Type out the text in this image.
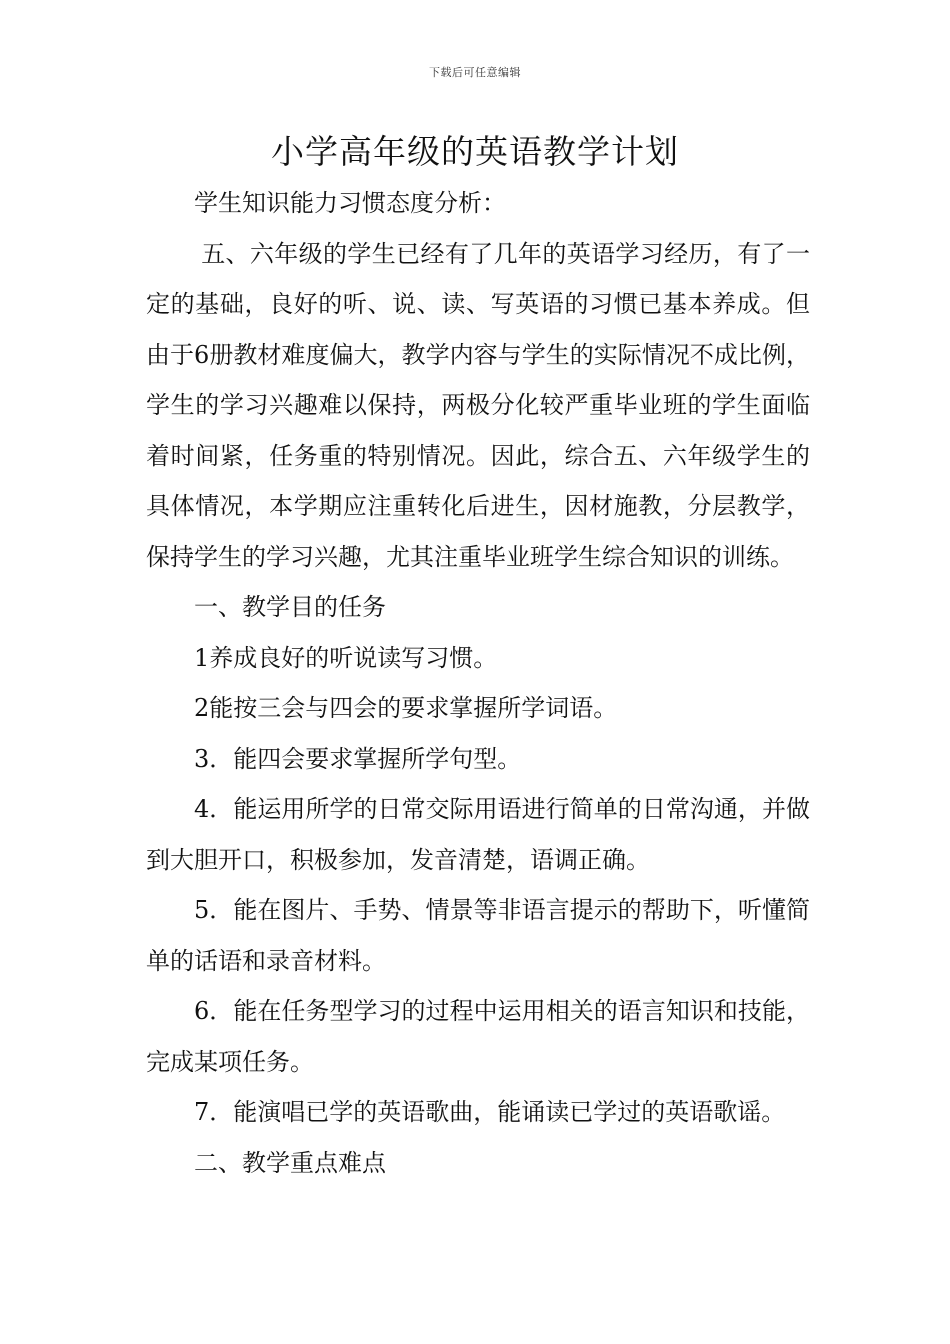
下载后可任意编辑
小学高年级的英语教学计划

学生知识能力习惯态度分析：

五、六年级的学生已经有了几年的英语学习经历，有了一定的基础，良好的听、说、读、写英语的习惯已基本养成。但由于6册教材难度偏大，教学内容与学生的实际情况不成比例，学生的学习兴趣难以保持，两极分化较严重毕业班的学生面临着时间紧，任务重的特别情况。因此，综合五、六年级学生的具体情况，本学期应注重转化后进生，因材施教，分层教学，保持学生的学习兴趣，尤其注重毕业班学生综合知识的训练。

一、教学目的任务

1养成良好的听说读写习惯。

2能按三会与四会的要求掌握所学词语。

3．能四会要求掌握所学句型。

4．能运用所学的日常交际用语进行简单的日常沟通，并做到大胆开口，积极参加，发音清楚，语调正确。

5．能在图片、手势、情景等非语言提示的帮助下，听懂简单的话语和录音材料。

6．能在任务型学习的过程中运用相关的语言知识和技能，完成某项任务。

7．能演唱已学的英语歌曲，能诵读已学过的英语歌谣。

二、教学重点难点
